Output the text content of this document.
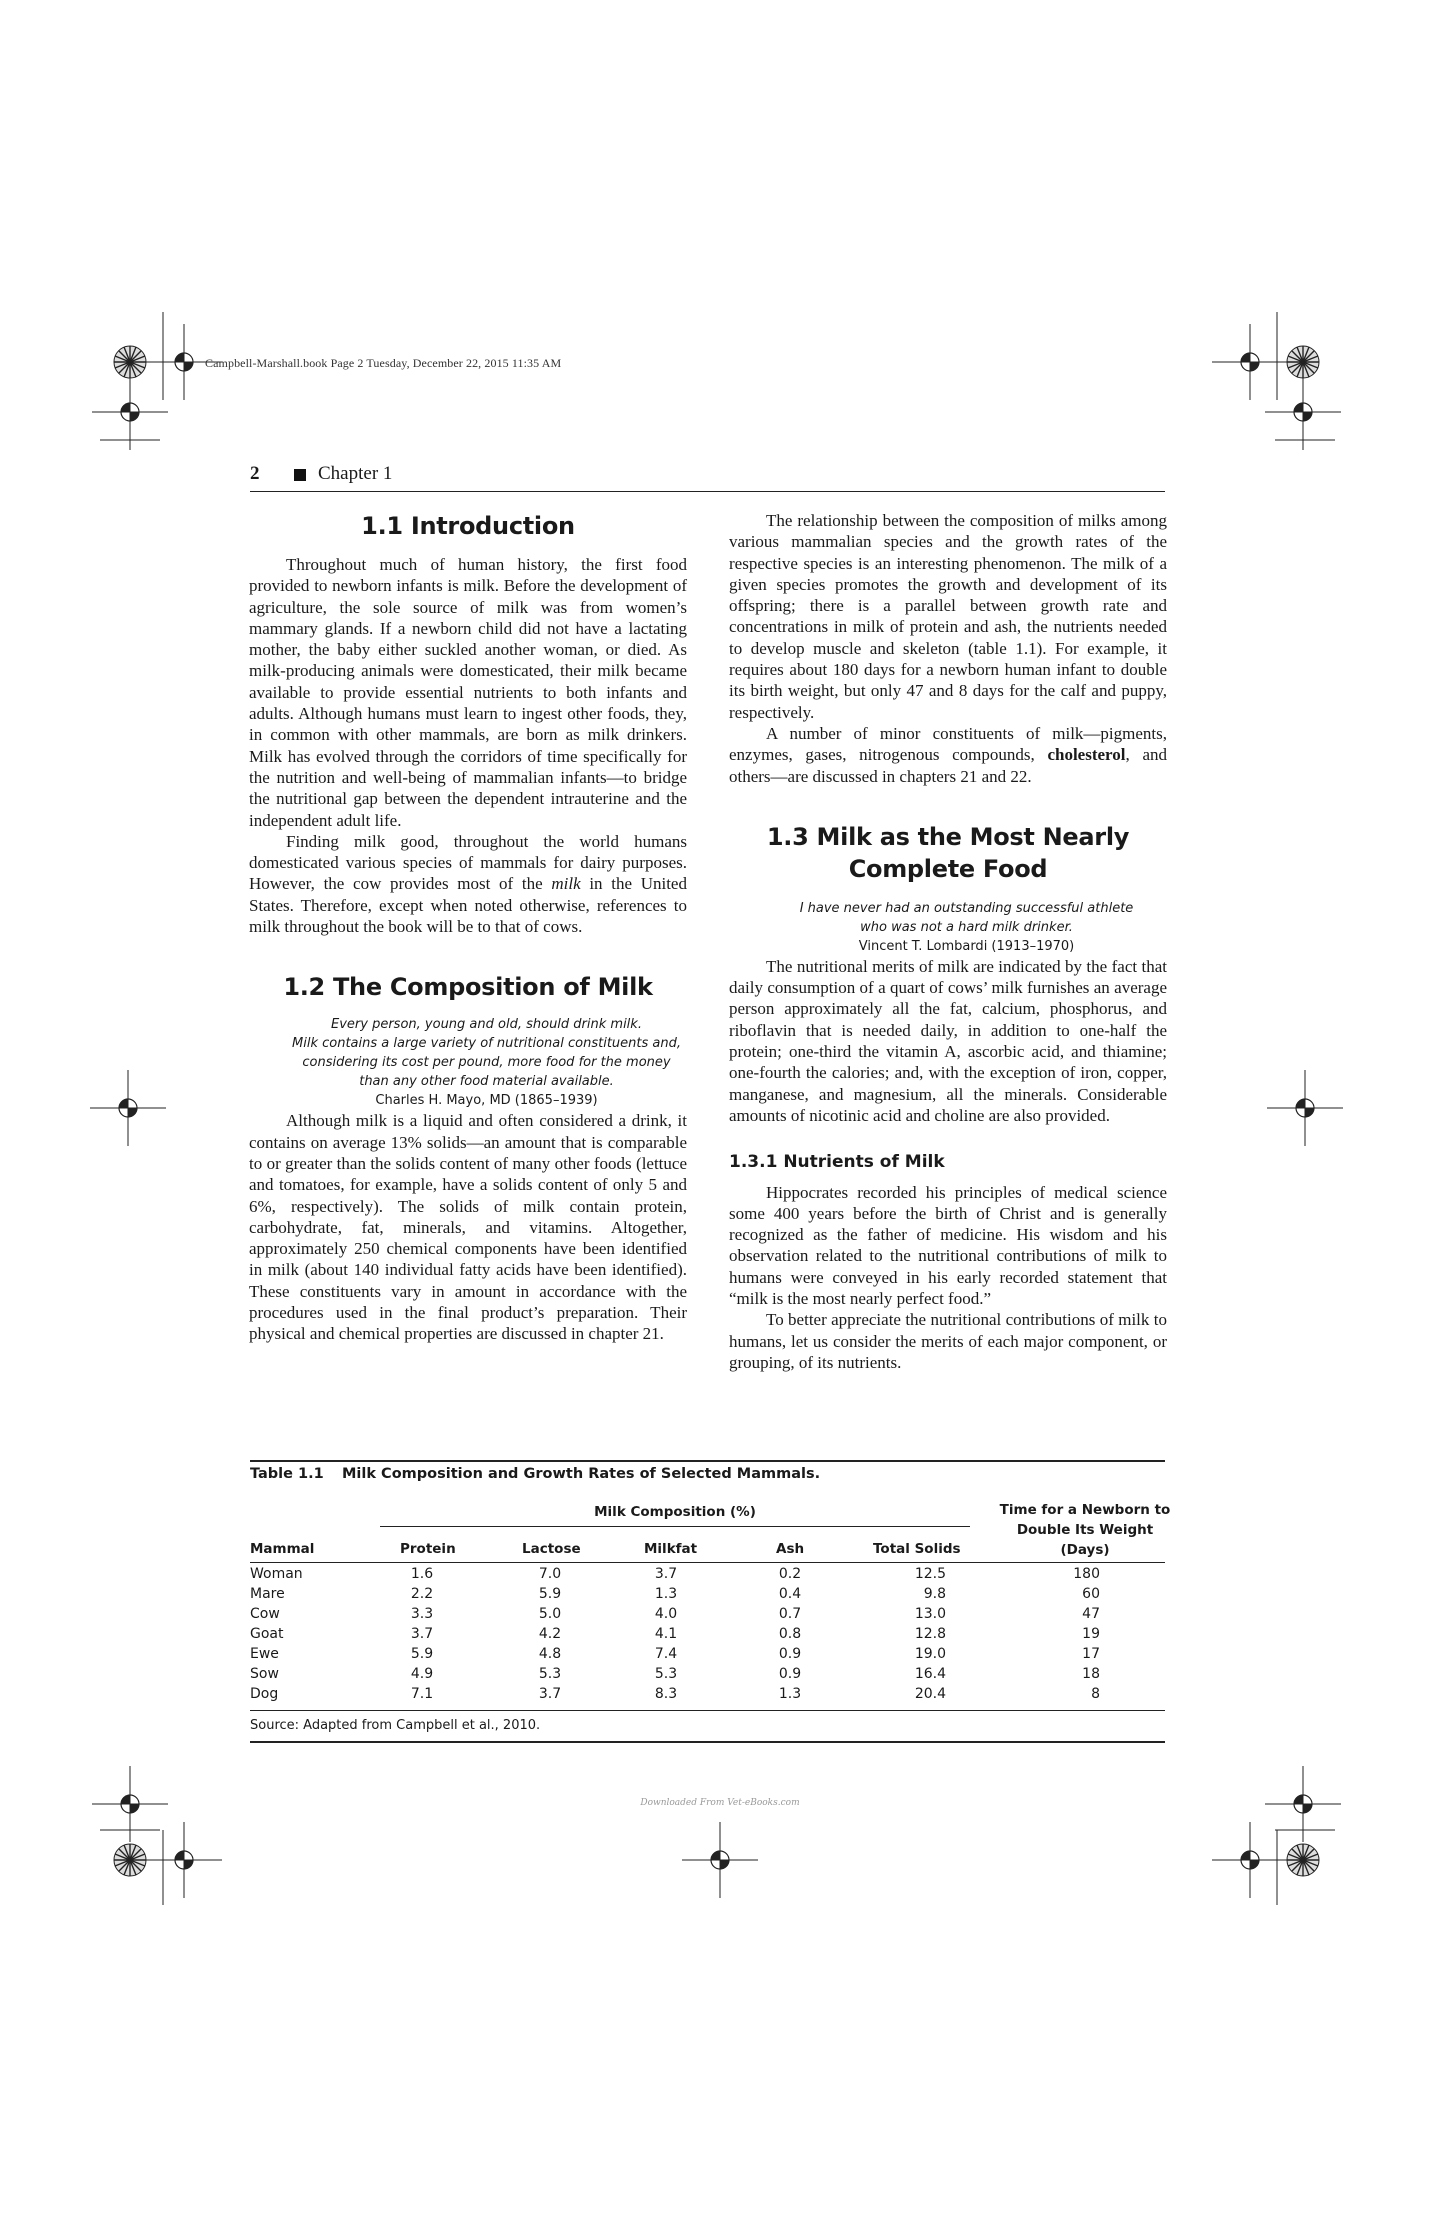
Campbell-Marshall.book Page 2 Tuesday, December 22, 2015 11:35 AM
2	Chapter 1
1.1 Introduction

Throughout much of human history, the first food provided to newborn infants is milk. Before the development of agriculture, the sole source of milk was from women’s mammary glands. If a newborn child did not have a lactating mother, the baby either suckled another woman, or died. As milk-producing animals were domesticated, their milk became available to provide essential nutrients to both infants and adults. Although humans must learn to ingest other foods, they, in common with other mammals, are born as milk drinkers. Milk has evolved through the corridors of time specifically for the nutrition and well-being of mammalian infants—to bridge the nutritional gap between the dependent intrauterine and the independent adult life.

Finding milk good, throughout the world humans domesticated various species of mammals for dairy purposes. However, the cow provides most of the milk in the United States. Therefore, except when noted otherwise, references to milk throughout the book will be to that of cows.

1.2 The Composition of Milk

Every person, young and old, should drink milk.

Milk contains a large variety of nutritional constituents and,

considering its cost per pound, more food for the money

than any other food material available.

Charles H. Mayo, MD (1865–1939)

Although milk is a liquid and often considered a drink, it contains on average 13% solids—an amount that is comparable to or greater than the solids content of many other foods (lettuce and tomatoes, for example, have a solids content of only 5 and 6%, respectively). The solids of milk contain protein, carbohydrate, fat, minerals, and vitamins. Altogether, approximately 250 chemical components have been identified in milk (about 140 individual fatty acids have been identified). These constituents vary in amount in accordance with the procedures used in the final product’s preparation. Their physical and chemical properties are discussed in chapter 21.

The relationship between the composition of milks among various mammalian species and the growth rates of the respective species is an interesting phenomenon. The milk of a given species promotes the growth and development of its offspring; there is a parallel between growth rate and concentrations in milk of protein and ash, the nutrients needed to develop muscle and skeleton (table 1.1). For example, it requires about 180 days for a newborn human infant to double its birth weight, but only 47 and 8 days for the calf and puppy, respectively.

A number of minor constituents of milk—pigments, enzymes, gases, nitrogenous compounds, cholesterol, and others—are discussed in chapters 21 and 22.

1.3 Milk as the Most Nearly
Complete Food

I have never had an outstanding successful athlete

who was not a hard milk drinker.

Vincent T. Lombardi (1913–1970)

The nutritional merits of milk are indicated by the fact that daily consumption of a quart of cows’ milk furnishes an average person approximately all the fat, calcium, phosphorus, and riboflavin that is needed daily, in addition to one-half the protein; one-third the vitamin A, ascorbic acid, and thiamine; one-fourth the calories; and, with the exception of iron, copper, manganese, and magnesium, all the minerals. Considerable amounts of nicotinic acid and choline are also provided.

1.3.1 Nutrients of Milk

Hippocrates recorded his principles of medical science some 400 years before the birth of Christ and is generally recognized as the father of medicine. His wisdom and his observation related to the nutritional contributions of milk to humans were conveyed in his early recorded statement that “milk is the most nearly perfect food.”

To better appreciate the nutritional contributions of milk to humans, let us consider the merits of each major component, or grouping, of its nutrients.

Table 1.1 Milk Composition and Growth Rates of Selected Mammals.
Milk Composition (%)	Time for a Newborn to
Double Its Weight
(Days)
Mammal	Protein	Lactose	Milkfat	Ash	Total Solids
Woman	1.6	7.0	3.7	0.2	12.5	180
Mare	2.2	5.9	1.3	0.4	9.8	60
Cow	3.3	5.0	4.0	0.7	13.0	47
Goat	3.7	4.2	4.1	0.8	12.8	19
Ewe	5.9	4.8	7.4	0.9	19.0	17
Sow	4.9	5.3	5.3	0.9	16.4	18
Dog	7.1	3.7	8.3	1.3	20.4	8
Source: Adapted from Campbell et al., 2010.
Downloaded From Vet-eBooks.com
